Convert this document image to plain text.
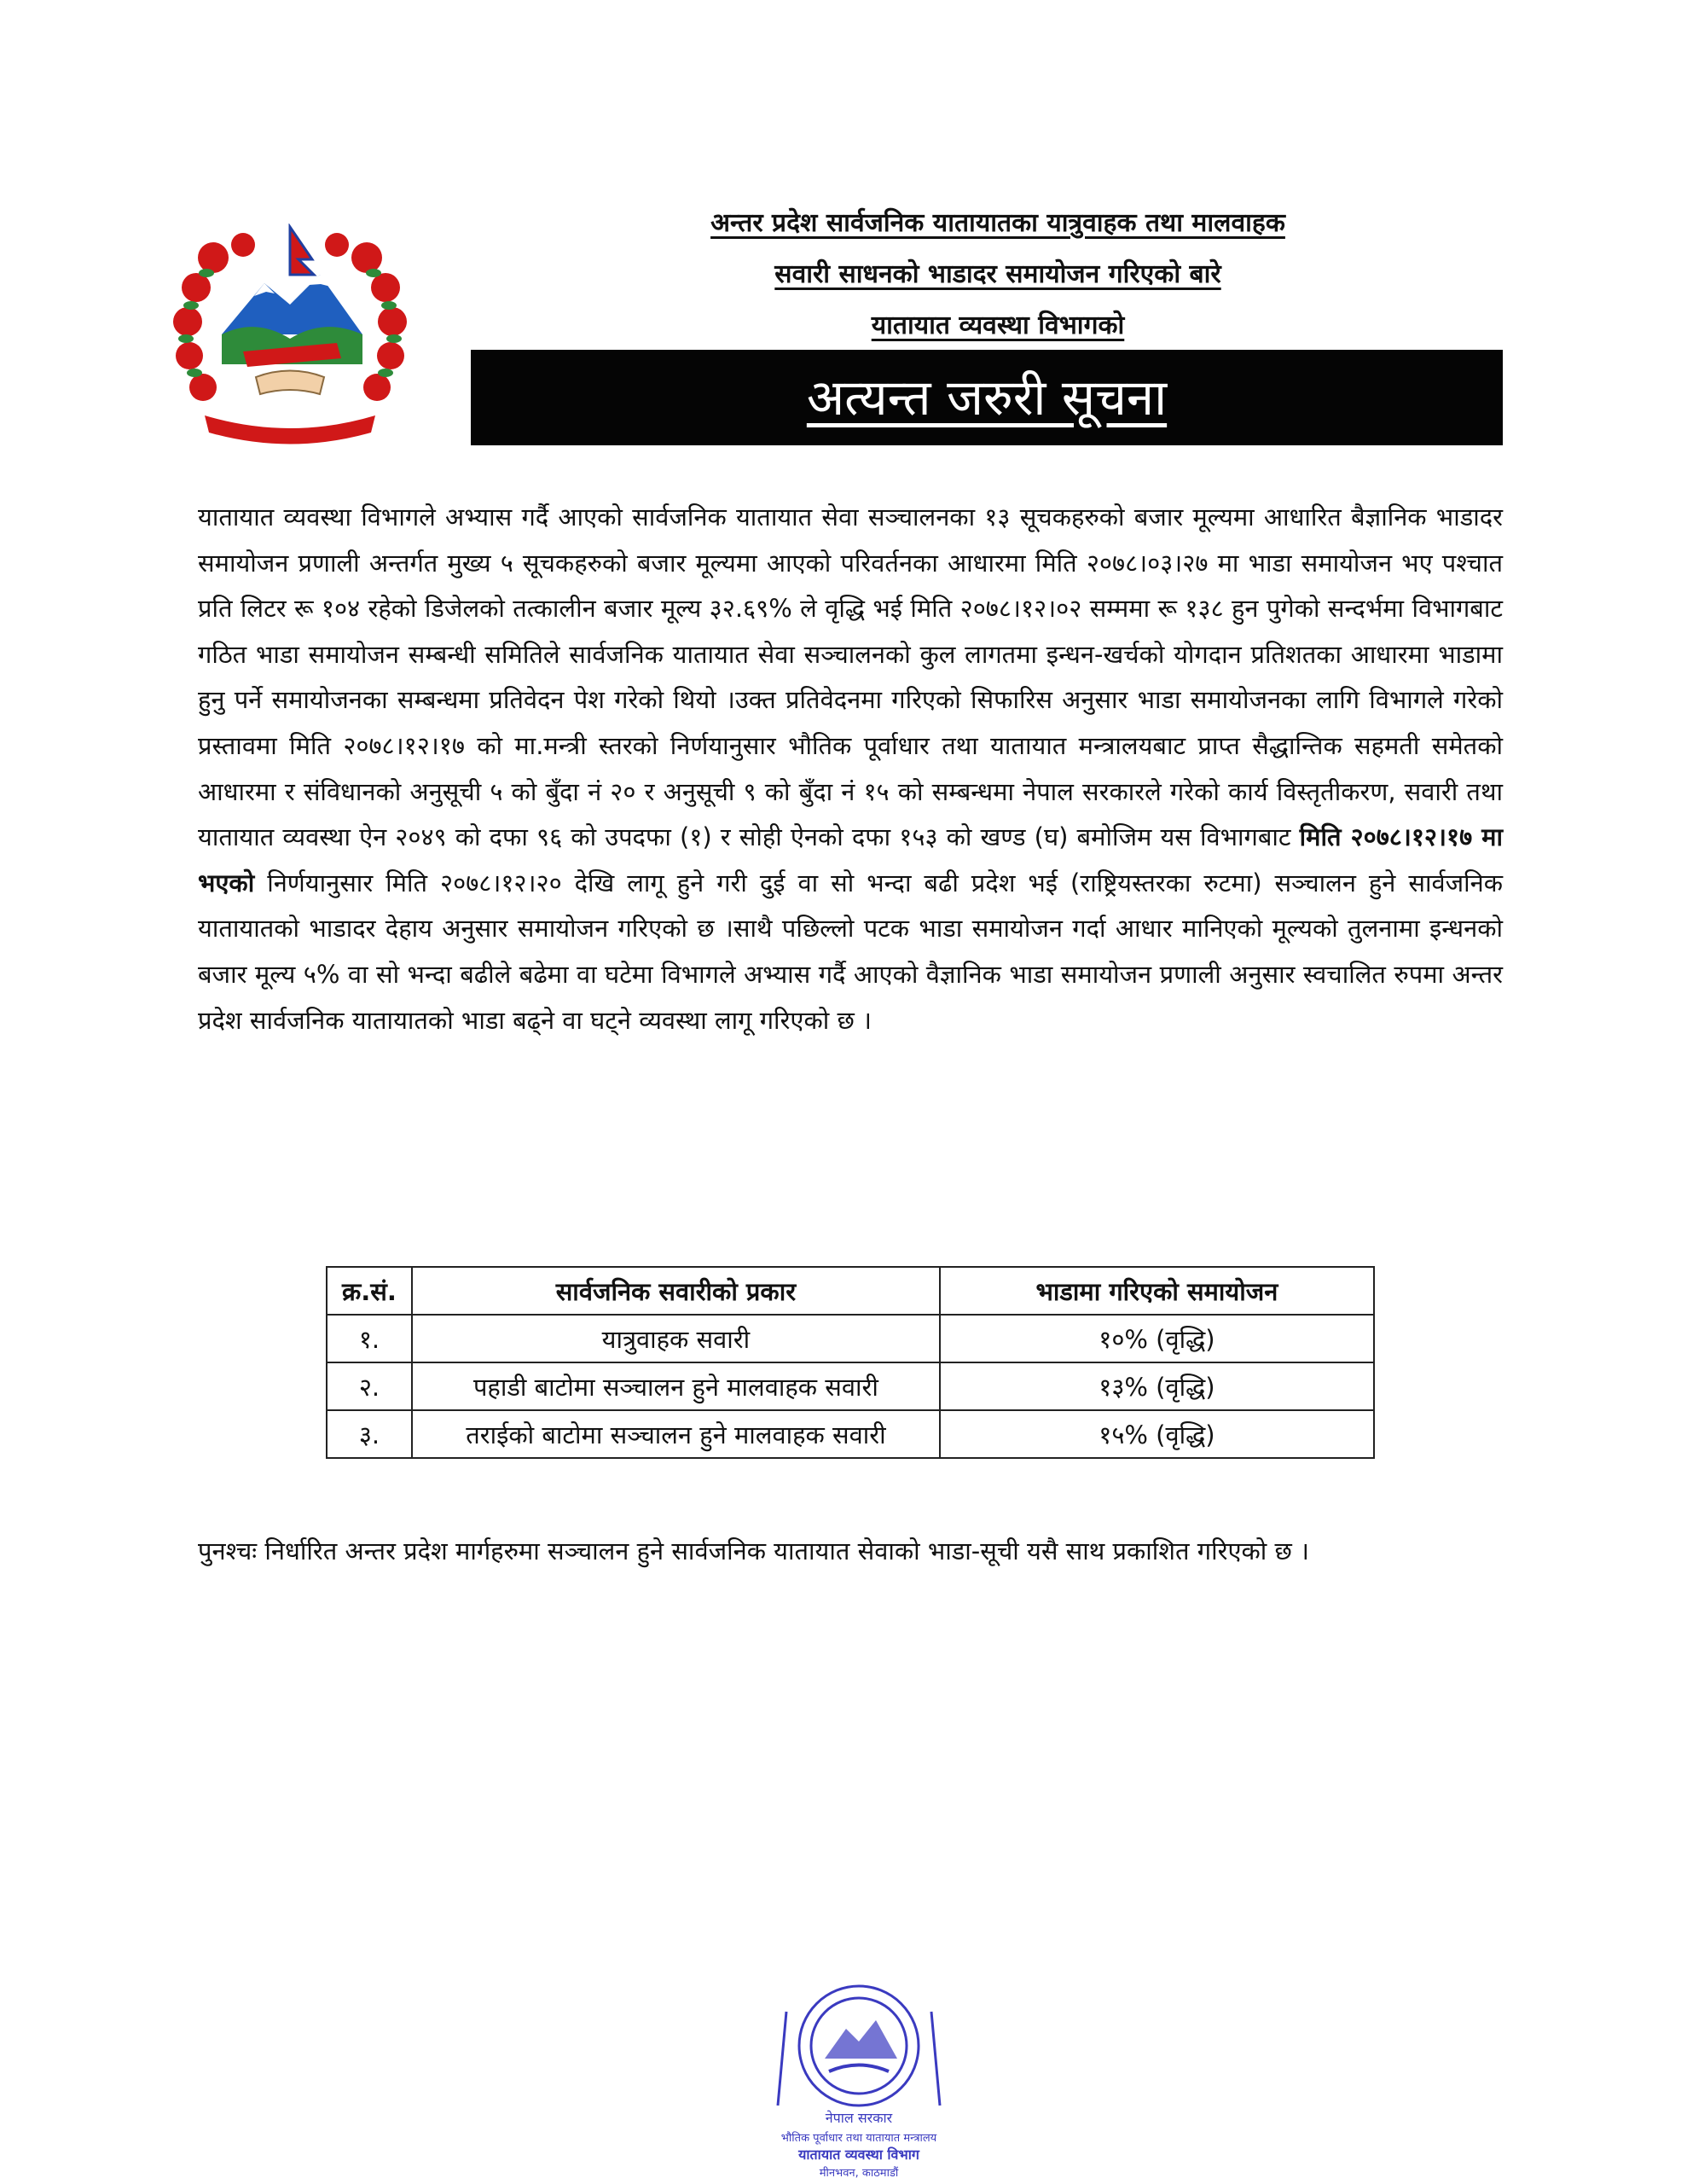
अन्तर प्रदेश सार्वजनिक यातायातका यात्रुवाहक तथा मालवाहक
सवारी साधनको भाडादर समायोजन गरिएको बारे
यातायात व्यवस्था विभागको
अत्यन्त जरुरी सूचना
यातायात व्यवस्था विभागले अभ्यास गर्दै आएको सार्वजनिक यातायात सेवा सञ्चालनका १३ सूचकहरुको बजार मूल्यमा आधारित बैज्ञानिक भाडादर समायोजन प्रणाली अन्तर्गत मुख्य ५ सूचकहरुको बजार मूल्यमा आएको परिवर्तनका आधारमा मिति २०७८।०३।२७ मा भाडा समायोजन भए पश्चात प्रति लिटर रू १०४ रहेको डिजेलको तत्कालीन बजार मूल्य ३२.६९% ले वृद्धि भई मिति २०७८।१२।०२ सम्ममा रू १३८ हुन पुगेको सन्दर्भमा विभागबाट गठित भाडा समायोजन सम्बन्धी समितिले सार्वजनिक यातायात सेवा सञ्चालनको कुल लागतमा इन्धन-खर्चको योगदान प्रतिशतका आधारमा भाडामा हुनु पर्ने समायोजनका सम्बन्धमा प्रतिवेदन पेश गरेको थियो ।उक्त प्रतिवेदनमा गरिएको सिफारिस अनुसार भाडा समायोजनका लागि विभागले गरेको प्रस्तावमा मिति २०७८।१२।१७ को मा.मन्त्री स्तरको निर्णयानुसार भौतिक पूर्वाधार तथा यातायात मन्त्रालयबाट प्राप्त सैद्धान्तिक सहमती समेतको आधारमा र संविधानको अनुसूची ५ को बुँदा नं २० र अनुसूची ९ को बुँदा नं १५ को सम्बन्धमा नेपाल सरकारले गरेको कार्य विस्तृतीकरण, सवारी तथा यातायात व्यवस्था ऐन २०४९ को दफा ९६ को उपदफा (१) र सोही ऐनको दफा १५३ को खण्ड (घ) बमोजिम यस विभागबाट मिति २०७८।१२।१७ मा भएको निर्णयानुसार मिति २०७८।१२।२० देखि लागू हुने गरी दुई वा सो भन्दा बढी प्रदेश भई (राष्ट्रियस्तरका रुटमा) सञ्चालन हुने सार्वजनिक यातायातको भाडादर देहाय अनुसार समायोजन गरिएको छ ।साथै पछिल्लो पटक भाडा समायोजन गर्दा आधार मानिएको मूल्यको तुलनामा इन्धनको बजार मूल्य ५% वा सो भन्दा बढीले बढेमा वा घटेमा विभागले अभ्यास गर्दै आएको वैज्ञानिक भाडा समायोजन प्रणाली अनुसार स्वचालित रुपमा अन्तर प्रदेश सार्वजनिक यातायातको भाडा बढ्ने वा घट्ने व्यवस्था लागू गरिएको छ ।
क्र.सं.	सार्वजनिक सवारीको प्रकार	भाडामा गरिएको समायोजन
१.	यात्रुवाहक सवारी	१०% (वृद्धि)
२.	पहाडी बाटोमा सञ्चालन हुने मालवाहक सवारी	१३% (वृद्धि)
३.	तराईको बाटोमा सञ्चालन हुने मालवाहक सवारी	१५% (वृद्धि)
पुनश्चः निर्धारित अन्तर प्रदेश मार्गहरुमा सञ्चालन हुने सार्वजनिक यातायात सेवाको भाडा-सूची यसै साथ प्रकाशित गरिएको छ ।
नेपाल सरकार
भौतिक पूर्वाधार तथा यातायात मन्त्रालय
यातायात व्यवस्था विभाग
मीनभवन, काठमाडौं
